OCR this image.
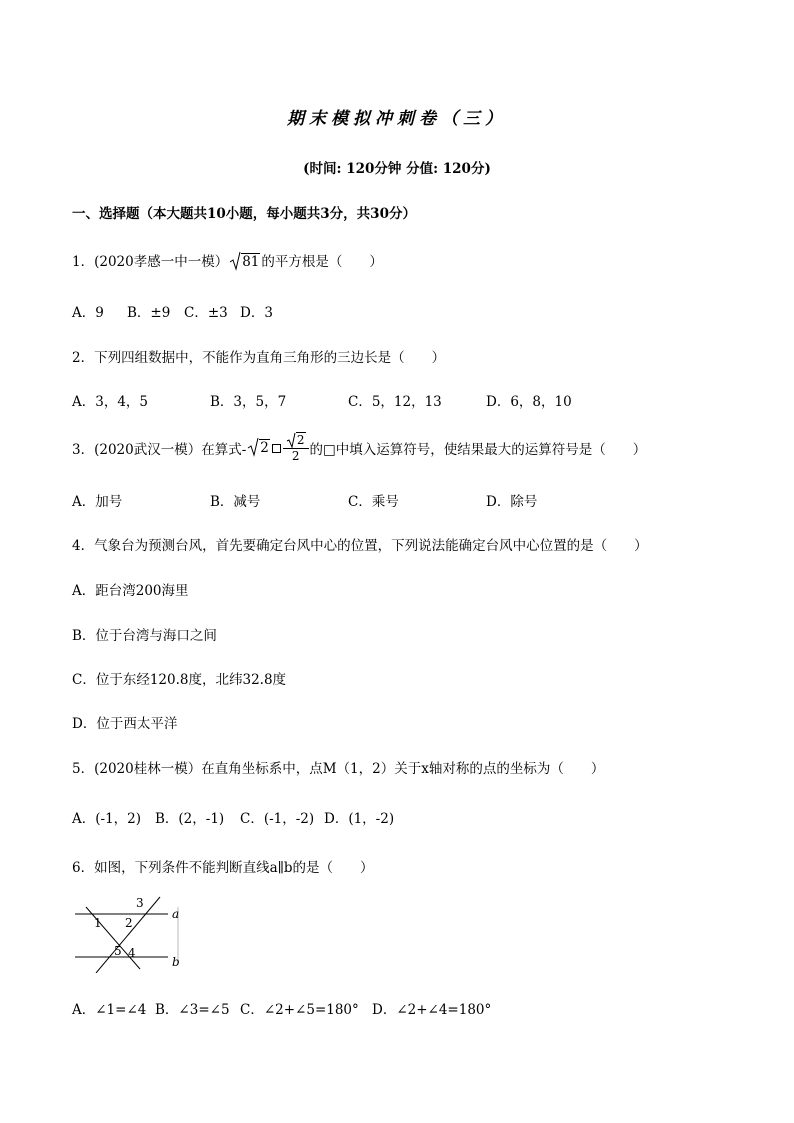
期末模拟冲刺卷（三）
(时间: 120分钟 分值: 120分)
一、选择题（本大题共10小题，每小题共3分，共30分）
1．(2020孝感一中一模） 81 的平方根是（　　）
A．9 B．±9 C．±3 D．3
2．下列四组数据中，不能作为直角三角形的三边长是（　　）
A．3，4，5	B．3，5，7	C．5，12，13	D．6，8，10
3．(2020武汉一模）在算式-	$2 \frac{2}{2}$ 的□中填入运算符号，使结果最大的运算符号是（　　）
A．加号	B．减号	C．乘号	D．除号
4．气象台为预测台风，首先要确定台风中心的位置，下列说法能确定台风中心位置的是（　　）
A．距台湾200海里
B．位于台湾与海口之间
C．位于东经120.8度，北纬32.8度
D．位于西太平洋
5．(2020桂林一模）在直角坐标系中，点M（1，2）关于x轴对称的点的坐标为（　　）
A．(-1，2) B．(2，-1) C．(-1，-2) D．(1，-2)
6．如图，下列条件不能判断直线a∥b的是（　　）
3
1 2
5 4
a
b
A．∠1=∠4 B．∠3=∠5 C．∠2+∠5=180° D．∠2+∠4=180°
